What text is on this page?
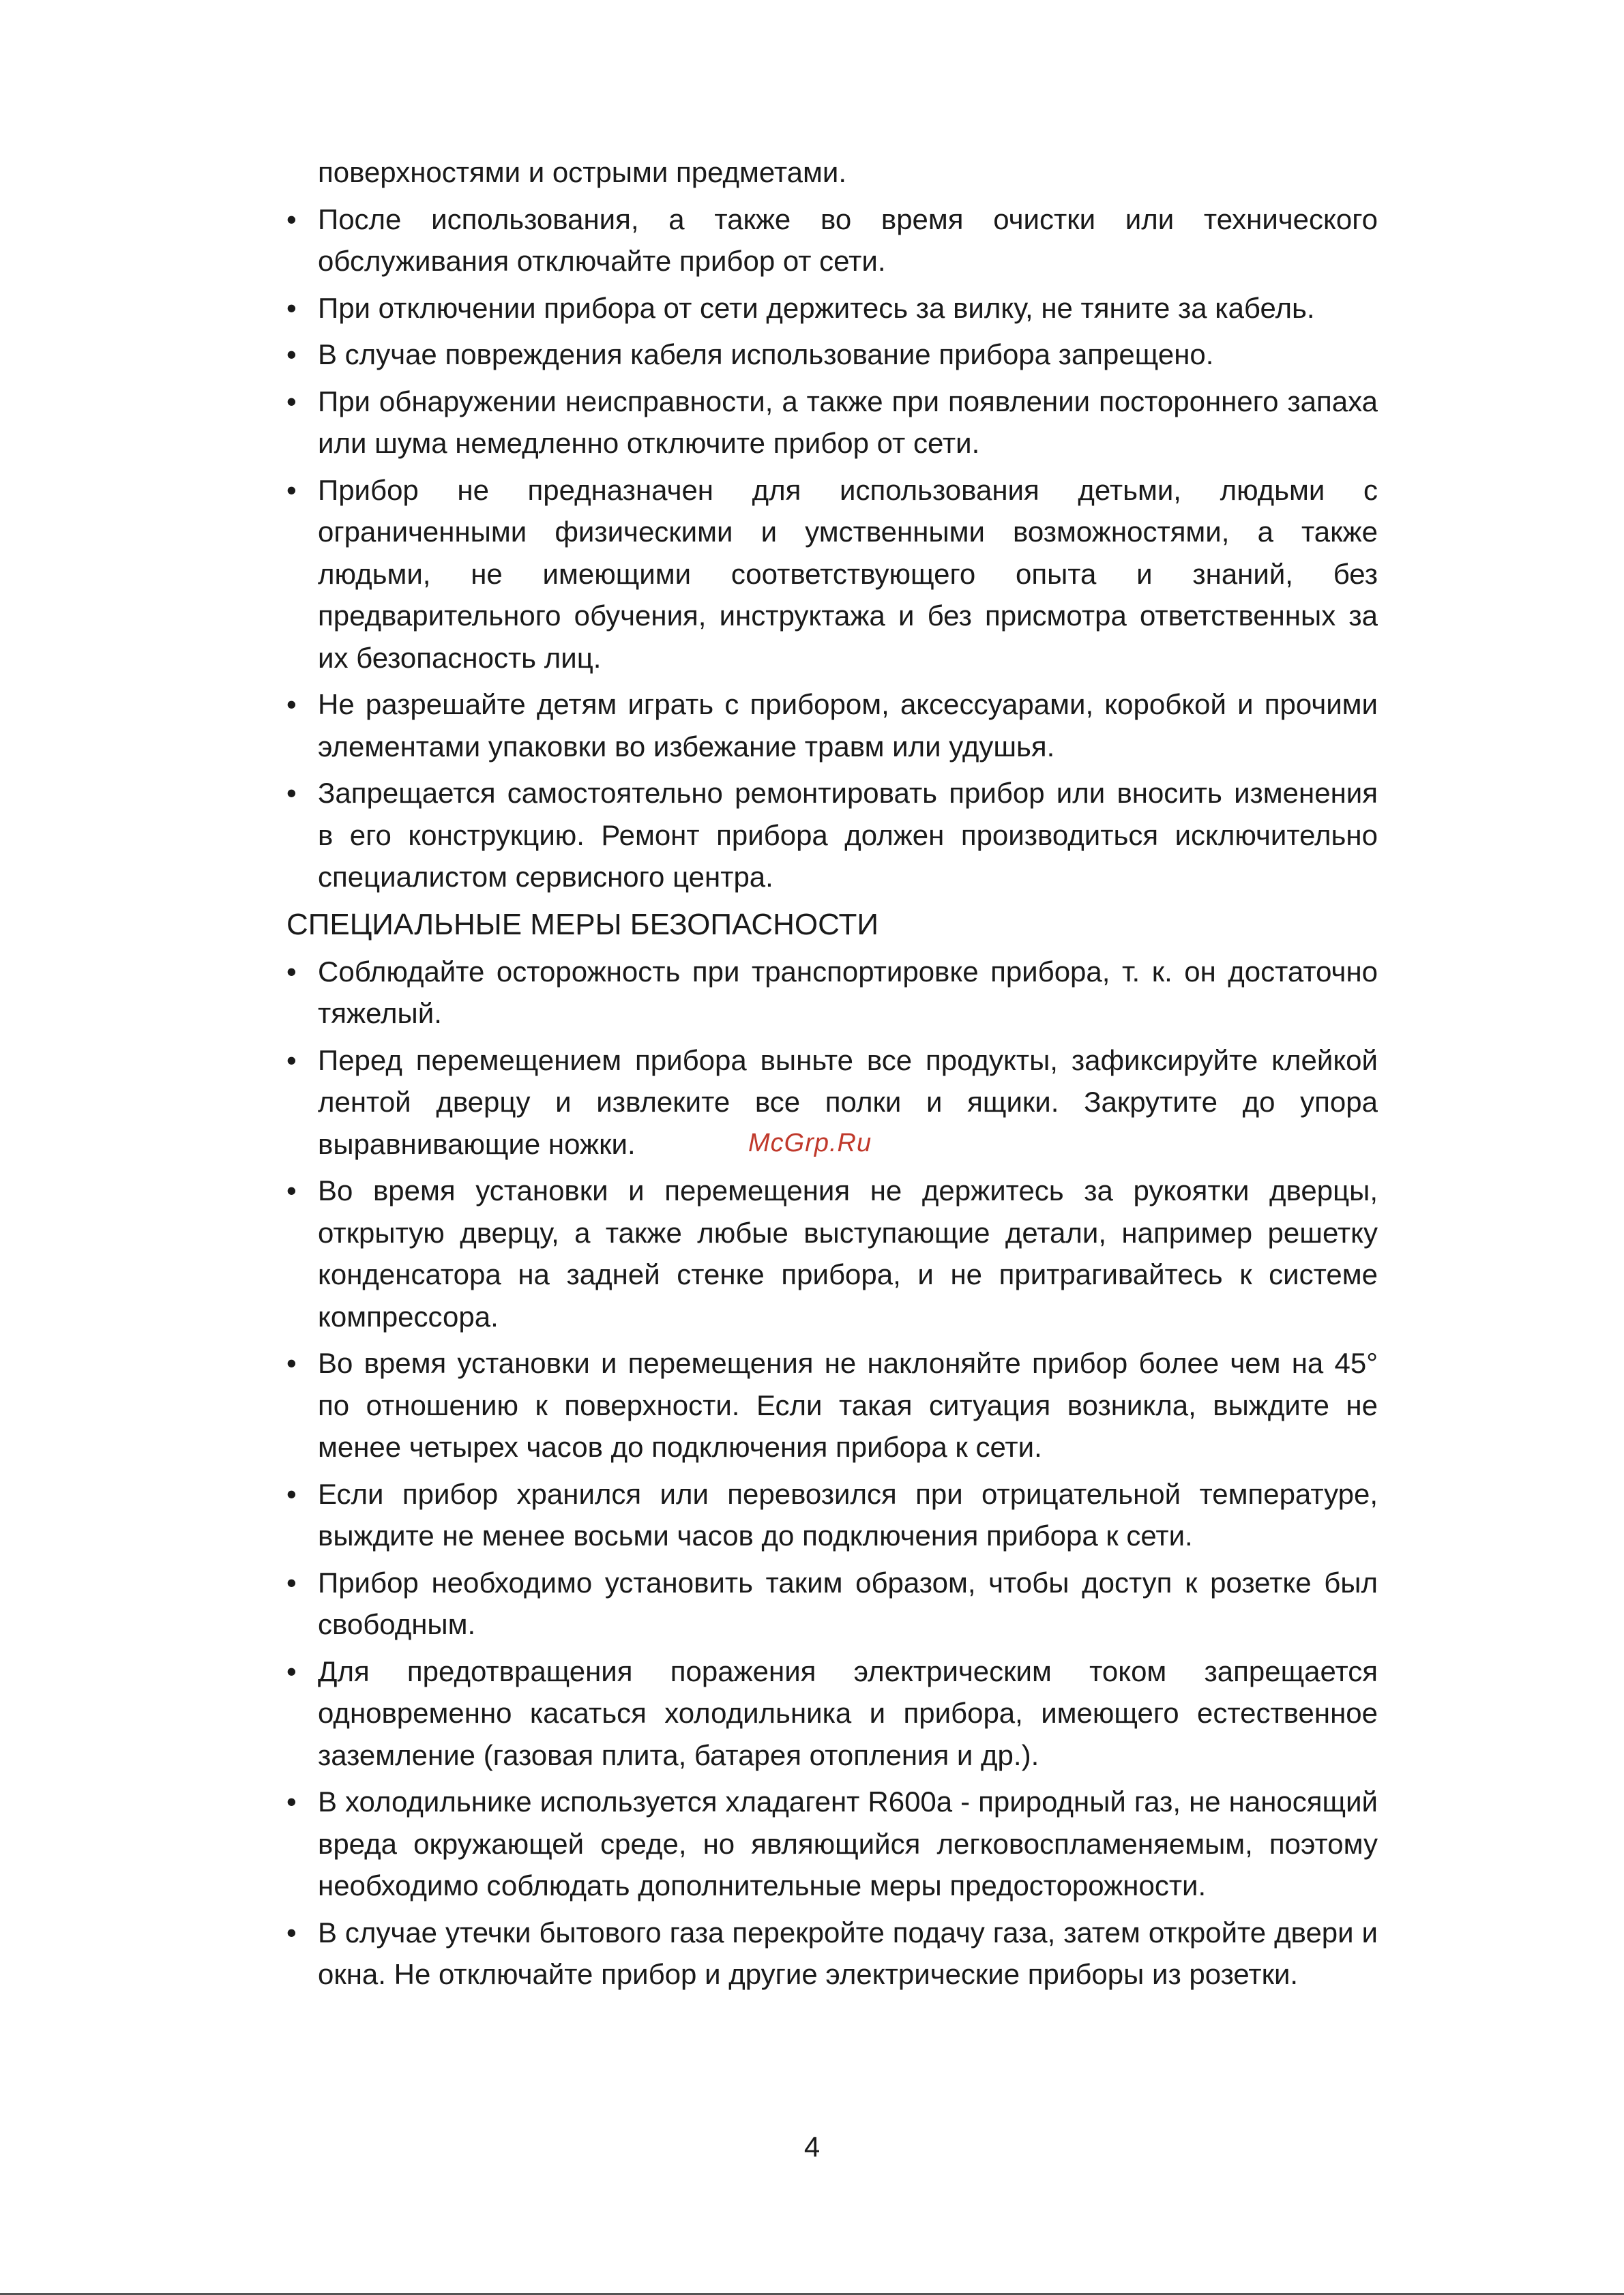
поверхностями и острыми предметами.
• После использования, а также во время очистки или технического обслуживания отключайте прибор от сети.
• При отключении прибора от сети держитесь за вилку, не тяните за кабель.
• В случае повреждения кабеля использование прибора запрещено.
• При обнаружении неисправности, а также при появлении постороннего запаха или шума немедленно отключите прибор от сети.
• Прибор не предназначен для использования детьми, людьми с ограниченными физическими и умственными возможностями, а также людьми, не имеющими соответствующего опыта и знаний, без предварительного обучения, инструктажа и без присмотра ответственных за их безопасность лиц.
• Не разрешайте детям играть с прибором, аксессуарами, коробкой и прочими элементами упаковки во избежание травм или удушья.
• Запрещается самостоятельно ремонтировать прибор или вносить изменения в его конструкцию. Ремонт прибора должен производиться исключительно специалистом сервисного центра.
СПЕЦИАЛЬНЫЕ МЕРЫ БЕЗОПАСНОСТИ
• Соблюдайте осторожность при транспортировке прибора, т. к. он достаточно тяжелый.
• Перед перемещением прибора выньте все продукты, зафиксируйте клейкой лентой дверцу и извлеките все полки и ящики. Закрутите до упора выравнивающие ножки.
• Во время установки и перемещения не держитесь за рукоятки дверцы, открытую дверцу, а также любые выступающие детали, например решетку конденсатора на задней стенке прибора, и не притрагивайтесь к системе компрессора.
• Во время установки и перемещения не наклоняйте прибор более чем на 45° по отношению к поверхности. Если такая ситуация возникла, выждите не менее четырех часов до подключения прибора к сети.
• Если прибор хранился или перевозился при отрицательной температуре, выждите не менее восьми часов до подключения прибора к сети.
• Прибор необходимо установить таким образом, чтобы доступ к розетке был свободным.
• Для предотвращения поражения электрическим током запрещается одновременно касаться холодильника и прибора, имеющего естественное заземление (газовая плита, батарея отопления и др.).
• В холодильнике используется хладагент R600a - природный газ, не наносящий вреда окружающей среде, но являющийся легковоспламеняемым, поэтому необходимо соблюдать дополнительные меры предосторожности.
• В случае утечки бытового газа перекройте подачу газа, затем откройте двери и окна. Не отключайте прибор и другие электрические приборы из розетки.
McGrp.Ru
4
